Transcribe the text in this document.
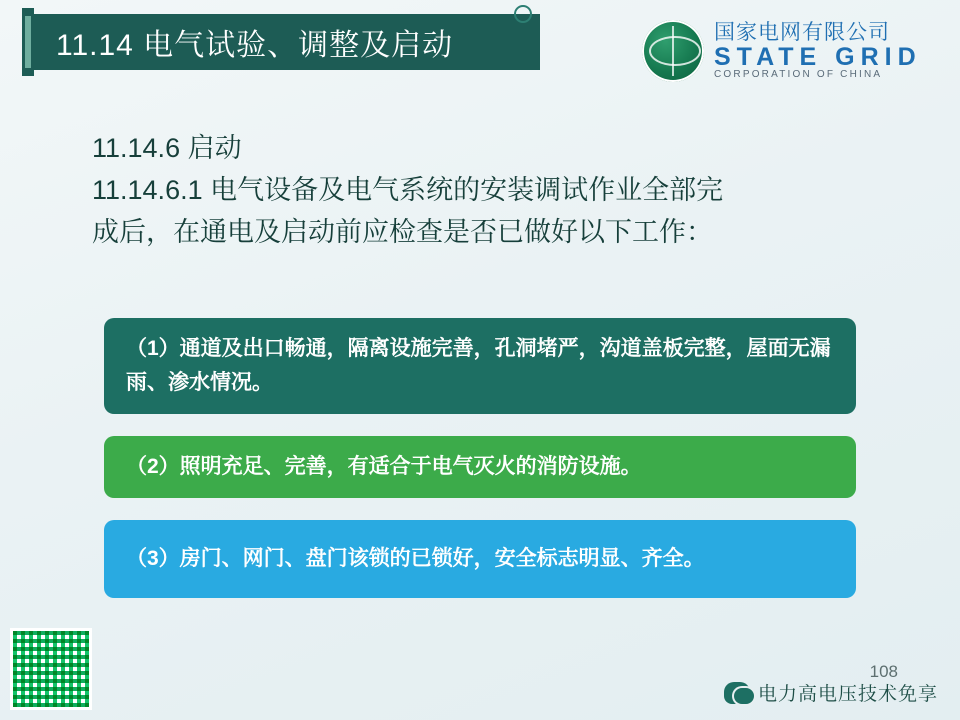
11.14 电气试验、调整及启动	国家电网有限公司
STATE GRID
CORPORATION OF CHINA
11.14.6 启动
11.14.6.1 电气设备及电气系统的安装调试作业全部完
成后，在通电及启动前应检查是否已做好以下工作：
（1）通道及出口畅通，隔离设施完善，孔洞堵严，沟道盖板完整，屋面无漏雨、渗水情况。
（2）照明充足、完善，有适合于电气灭火的消防设施。
（3）房门、网门、盘门该锁的已锁好，安全标志明显、齐全。
108
电力高电压技术免享
